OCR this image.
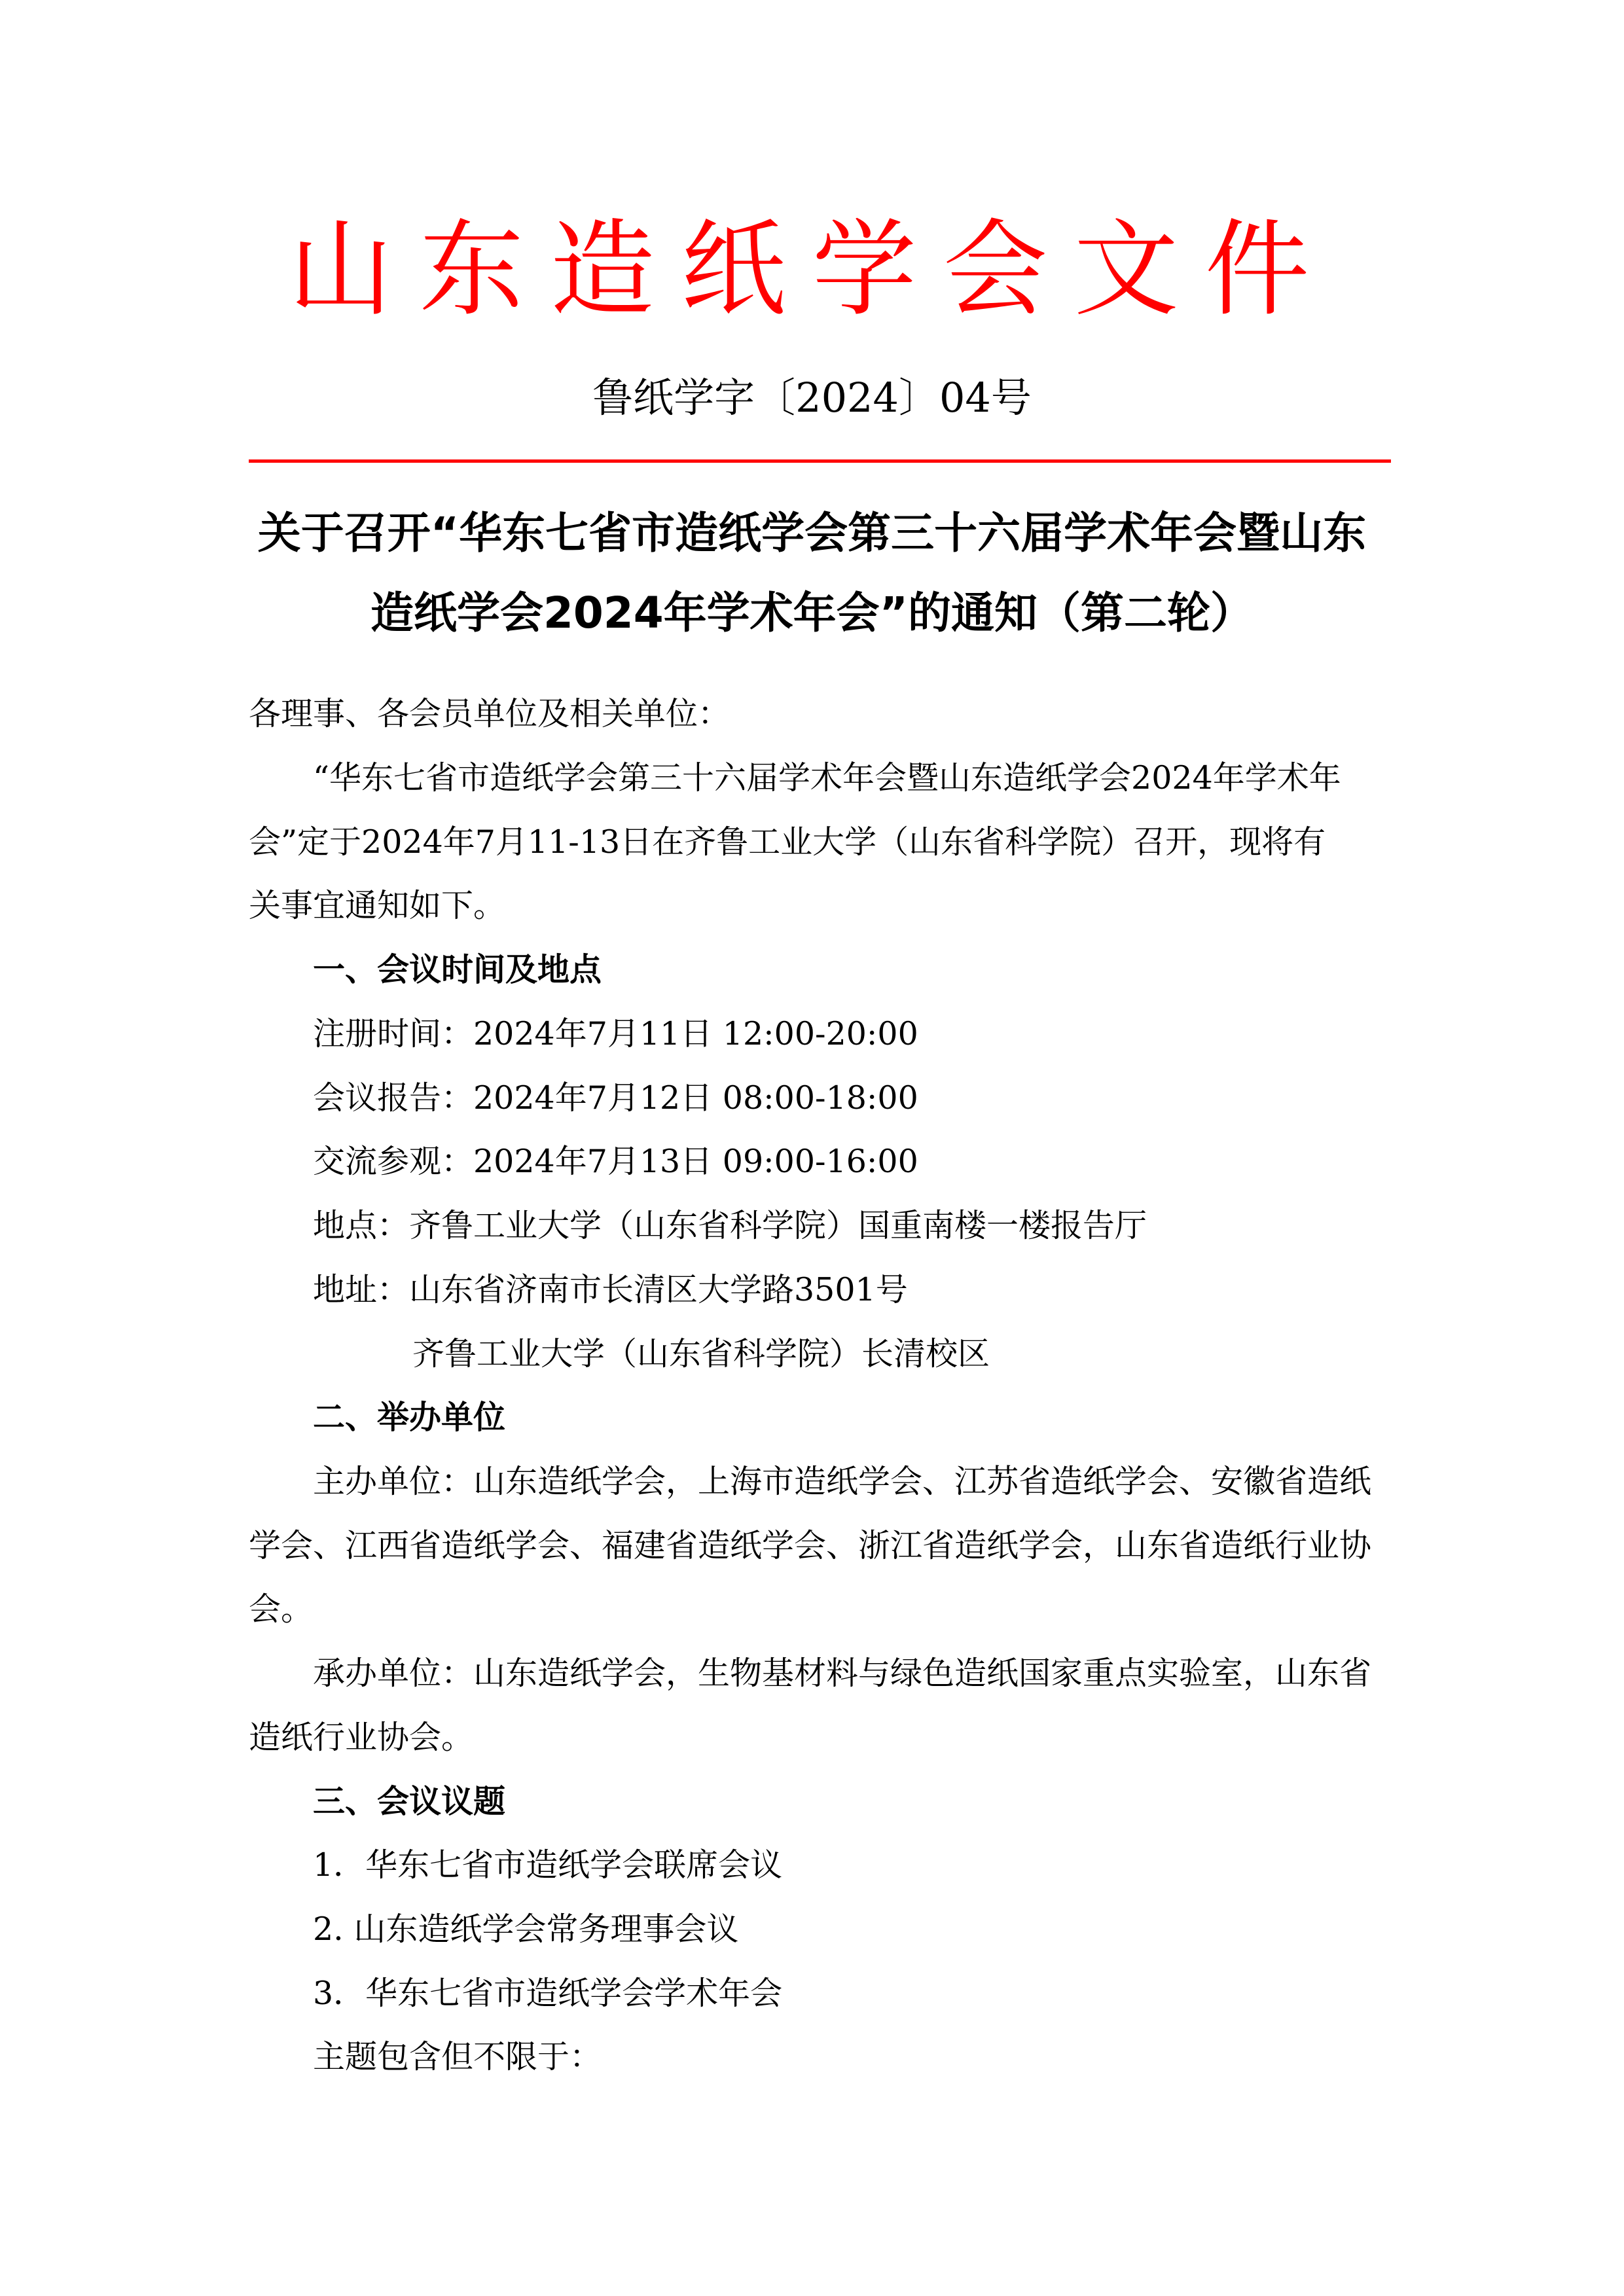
山东造纸学会文件
鲁纸学字〔2024〕04号
关于召开“华东七省市造纸学会第三十六届学术年会暨山东
造纸学会2024年学术年会”的通知（第二轮）
各理事、各会员单位及相关单位：
“华东七省市造纸学会第三十六届学术年会暨山东造纸学会2024年学术年
会”定于2024年7月11-13日在齐鲁工业大学（山东省科学院）召开，现将有
关事宜通知如下。
一、会议时间及地点
注册时间：2024年7月11日 12:00-20:00
会议报告：2024年7月12日 08:00-18:00
交流参观：2024年7月13日 09:00-16:00
地点：齐鲁工业大学（山东省科学院）国重南楼一楼报告厅
地址：山东省济南市长清区大学路3501号
齐鲁工业大学（山东省科学院）长清校区
二、举办单位
主办单位：山东造纸学会，上海市造纸学会、江苏省造纸学会、安徽省造纸
学会、江西省造纸学会、福建省造纸学会、浙江省造纸学会，山东省造纸行业协
会。
承办单位：山东造纸学会，生物基材料与绿色造纸国家重点实验室，山东省
造纸行业协会。
三、会议议题
1．华东七省市造纸学会联席会议
2. 山东造纸学会常务理事会议
3．华东七省市造纸学会学术年会
主题包含但不限于：
